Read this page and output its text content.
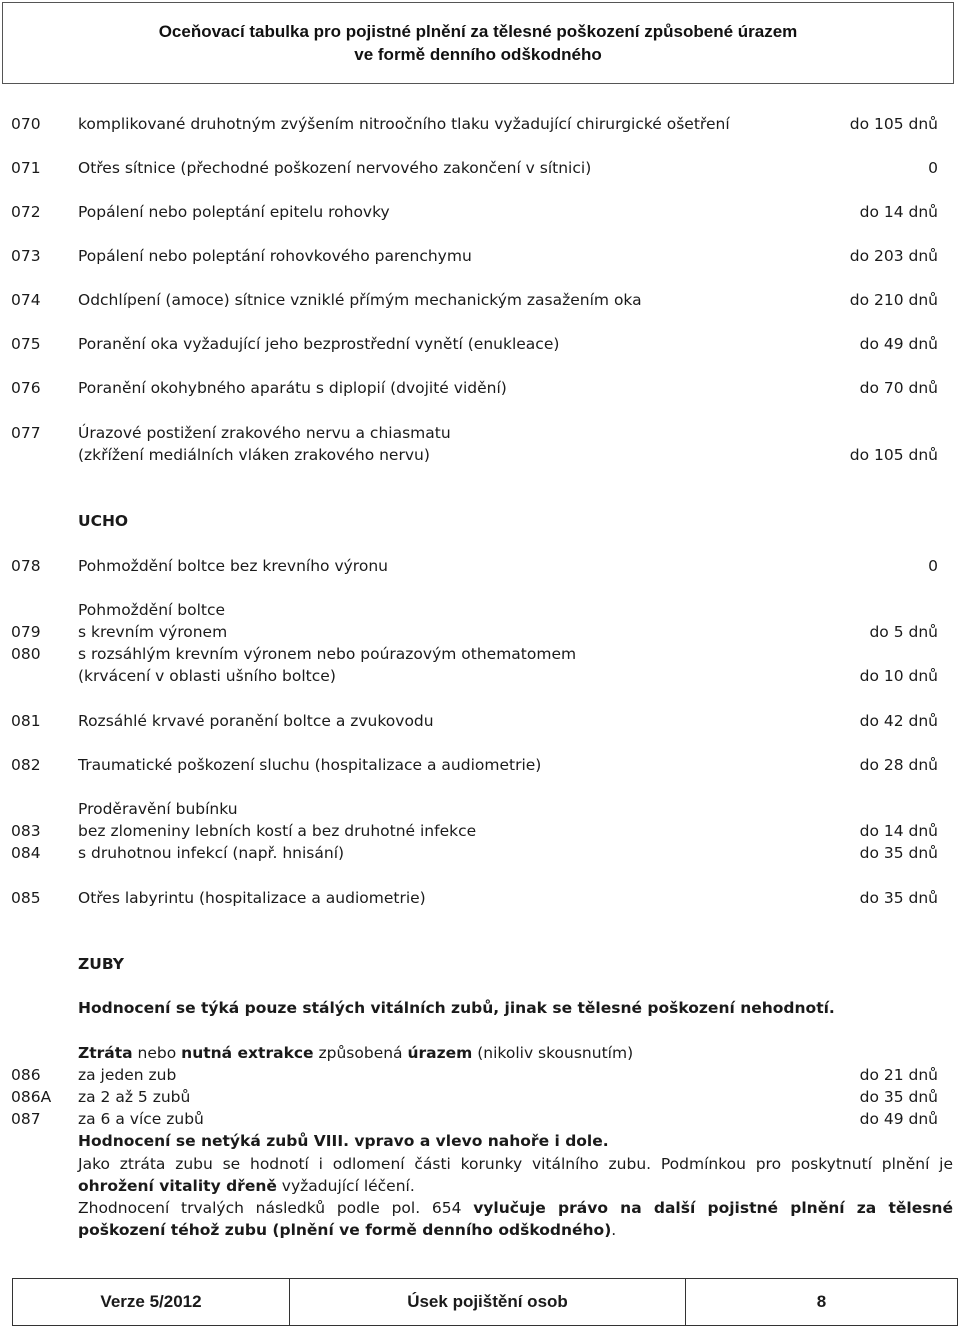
Oceňovací tabulka pro pojistné plnění za tělesné poškození způsobené úrazem
ve formě denního odškodného
070 komplikované druhotným zvýšením nitroočního tlaku vyžadující chirurgické ošetření	do 105 dnů
071 Otřes sítnice (přechodné poškození nervového zakončení v sítnici)	0
072 Popálení nebo poleptání epitelu rohovky	do 14 dnů
073 Popálení nebo poleptání rohovkového parenchymu	do 203 dnů
074 Odchlípení (amoce) sítnice vzniklé přímým mechanickým zasažením oka	do 210 dnů
075 Poranění oka vyžadující jeho bezprostřední vynětí (enukleace)	do 49 dnů
076 Poranění okohybného aparátu s diplopií (dvojité vidění)	do 70 dnů
077 Úrazové postižení zrakového nervu a chiasmatu
(zkřížení mediálních vláken zrakového nervu)	do 105 dnů
UCHO
078 Pohmoždění boltce bez krevního výronu	0
Pohmoždění boltce
079 s krevním výronem	do 5 dnů
080 s rozsáhlým krevním výronem nebo poúrazovým othematomem
(krvácení v oblasti ušního boltce)	do 10 dnů
081 Rozsáhlé krvavé poranění boltce a zvukovodu	do 42 dnů
082 Traumatické poškození sluchu (hospitalizace a audiometrie)	do 28 dnů
Proděravění bubínku
083 bez zlomeniny lebních kostí a bez druhotné infekce	do 14 dnů
084 s druhotnou infekcí (např. hnisání)	do 35 dnů
085 Otřes labyrintu (hospitalizace a audiometrie)	do 35 dnů
ZUBY
Hodnocení se týká pouze stálých vitálních zubů, jinak se tělesné poškození nehodnotí.
Ztráta nebo nutná extrakce způsobená úrazem (nikoliv skousnutím)
086 za jeden zub	do 21 dnů
086A za 2 až 5 zubů	do 35 dnů
087 za 6 a více zubů	do 49 dnů
Hodnocení se netýká zubů VIII. vpravo a vlevo nahoře i dole.
Jako ztráta zubu se hodnotí i odlomení části korunky vitálního zubu. Podmínkou pro poskytnutí plnění je ohrožení vitality dřeně vyžadující léčení.
Zhodnocení trvalých následků podle pol. 654 vylučuje právo na další pojistné plnění za tělesné poškození téhož zubu (plnění ve formě denního odškodného).
Verze 5/2012	Úsek pojištění osob	8
